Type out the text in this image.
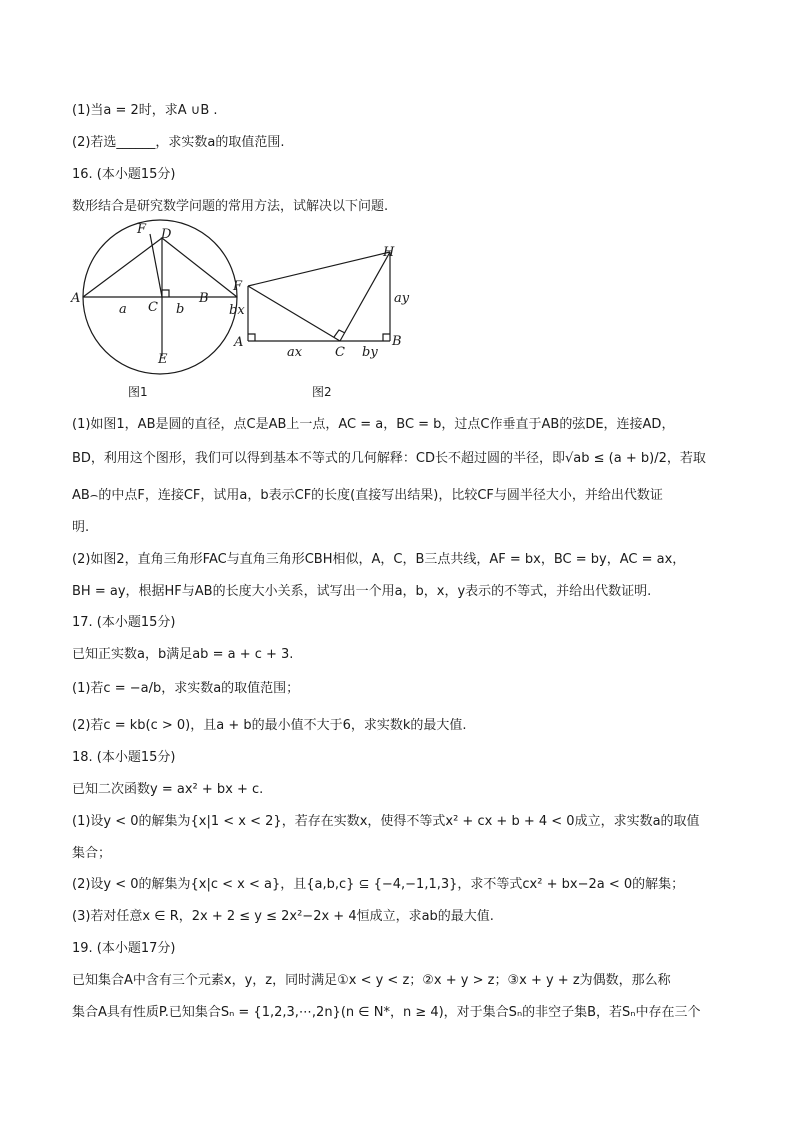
(1)当a = 2时，求A ∪B .
(2)若选______，求实数a的取值范围.
16. (本小题15分)
数形结合是研究数学问题的常用方法，试解决以下问题.
(1)如图1，AB是圆的直径，点C是AB上一点，AC = a，BC = b，过点C作垂直于AB的弦DE，连接AD，
BD，利用这个图形，我们可以得到基本不等式的几何解释：CD长不超过圆的半径，即√ab ≤ (a + b)/2，若取
AB⌢的中点F，连接CF，试用a，b表示CF的长度(直接写出结果)，比较CF与圆半径大小，并给出代数证
明.
(2)如图2，直角三角形FAC与直角三角形CBH相似，A，C，B三点共线，AF = bx，BC = by，AC = ax，
BH = ay，根据HF与AB的长度大小关系，试写出一个用a，b，x，y表示的不等式，并给出代数证明.
17. (本小题15分)
已知正实数a，b满足ab = a + c + 3.
(1)若c = −a/b，求实数a的取值范围；
(2)若c = kb(c > 0)，且a + b的最小值不大于6，求实数k的最大值.
18. (本小题15分)
已知二次函数y = ax² + bx + c.
(1)设y < 0的解集为{x|1 < x < 2}，若存在实数x，使得不等式x² + cx + b + 4 < 0成立，求实数a的取值
集合；
(2)设y < 0的解集为{x|c < x < a}，且{a,b,c} ⊆ {−4,−1,1,3}，求不等式cx² + bx−2a < 0的解集；
(3)若对任意x ∈ R，2x + 2 ≤ y ≤ 2x²−2x + 4恒成立，求ab的最大值.
19. (本小题17分)
已知集合A中含有三个元素x，y，z，同时满足①x < y < z；②x + y > z；③x + y + z为偶数，那么称
集合A具有性质P.已知集合Sₙ = {1,2,3,⋯,2n}(n ∈ N*，n ≥ 4)，对于集合Sₙ的非空子集B，若Sₙ中存在三个
F D
A
C
B
E
a	b
图1
F
H
A
C
B
bx
ay
ax	by
图2
